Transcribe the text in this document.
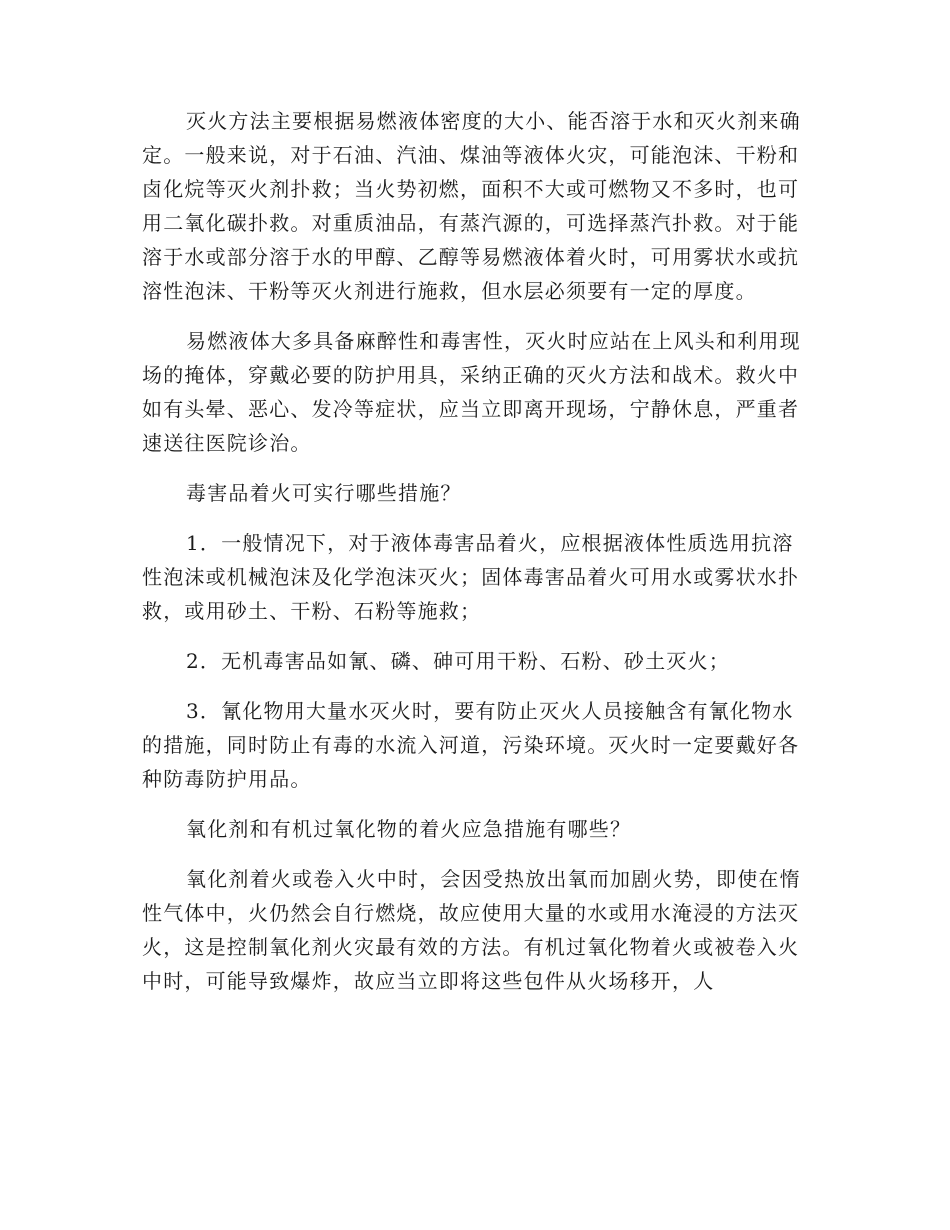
灭火方法主要根据易燃液体密度的大小、能否溶于水和灭火剂来确定。一般来说，对于石油、汽油、煤油等液体火灾，可能泡沫、干粉和卤化烷等灭火剂扑救；当火势初燃，面积不大或可燃物又不多时，也可用二氧化碳扑救。对重质油品，有蒸汽源的，可选择蒸汽扑救。对于能溶于水或部分溶于水的甲醇、乙醇等易燃液体着火时，可用雾状水或抗溶性泡沫、干粉等灭火剂进行施救，但水层必须要有一定的厚度。

易燃液体大多具备麻醉性和毒害性，灭火时应站在上风头和利用现场的掩体，穿戴必要的防护用具，采纳正确的灭火方法和战术。救火中如有头晕、恶心、发冷等症状，应当立即离开现场，宁静休息，严重者速送往医院诊治。

毒害品着火可实行哪些措施？

1．一般情况下，对于液体毒害品着火，应根据液体性质选用抗溶性泡沫或机械泡沫及化学泡沫灭火；固体毒害品着火可用水或雾状水扑救，或用砂土、干粉、石粉等施救；

2．无机毒害品如氰、磷、砷可用干粉、石粉、砂土灭火；

3．氰化物用大量水灭火时，要有防止灭火人员接触含有氰化物水的措施，同时防止有毒的水流入河道，污染环境。灭火时一定要戴好各种防毒防护用品。

氧化剂和有机过氧化物的着火应急措施有哪些？

氧化剂着火或卷入火中时，会因受热放出氧而加剧火势，即使在惰性气体中，火仍然会自行燃烧，故应使用大量的水或用水淹浸的方法灭火，这是控制氧化剂火灾最有效的方法。有机过氧化物着火或被卷入火中时，可能导致爆炸，故应当立即将这些包件从火场移开，人
